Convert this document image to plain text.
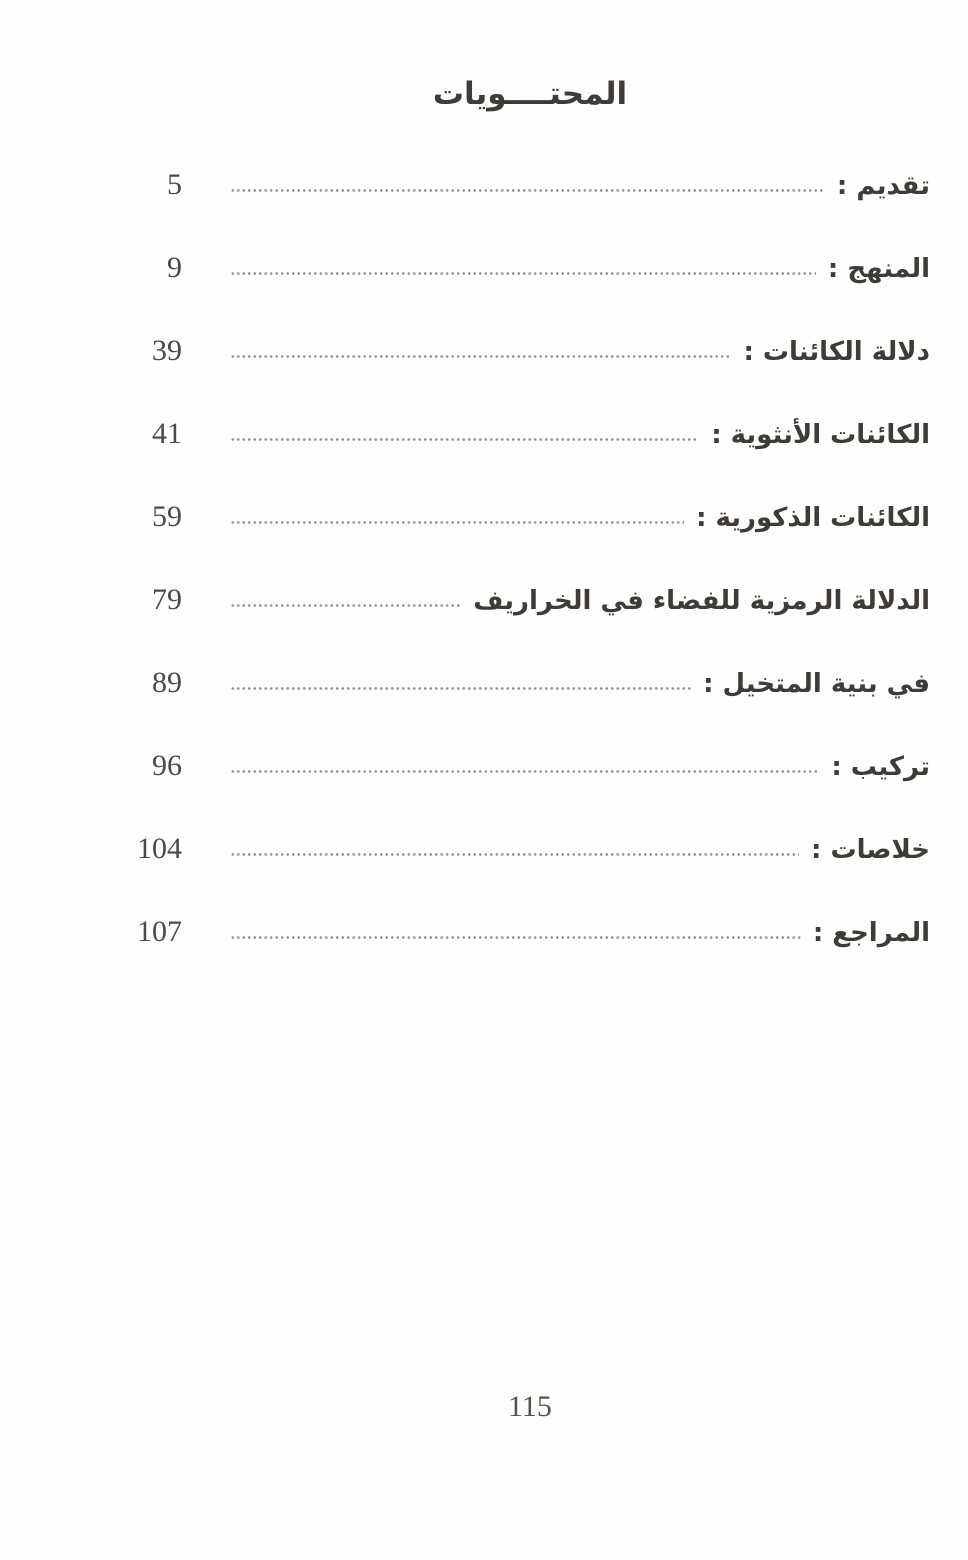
المحتــــويات
تقديم :
5
المنهج :
9
دلالة الكائنات :
39
الكائنات الأنثوية :
41
الكائنات الذكورية :
59
الدلالة الرمزية للفضاء في الخراريف
79
في بنية المتخيل :
89
تركيب :
96
خلاصات :
104
المراجع :
107
115
